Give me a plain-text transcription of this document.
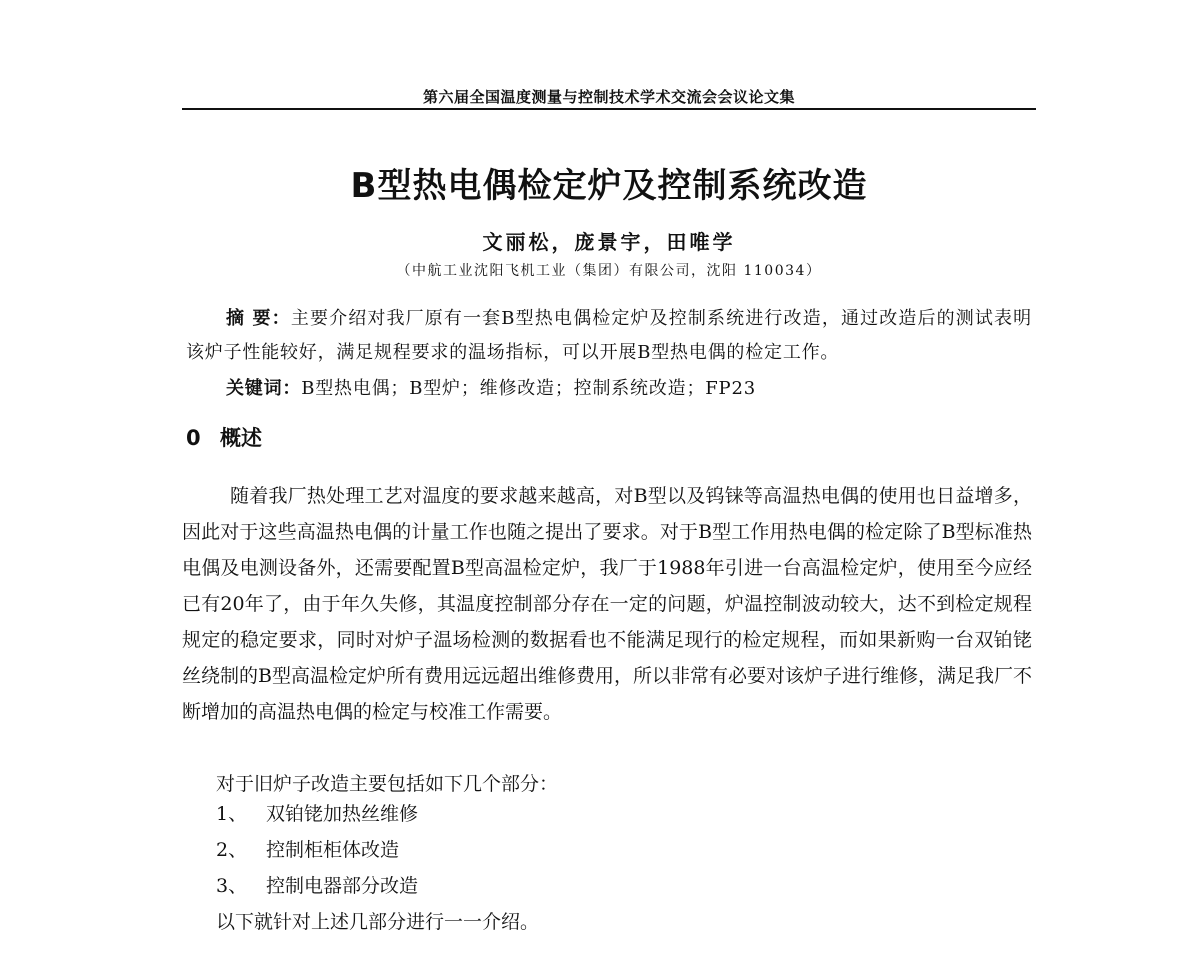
第六届全国温度测量与控制技术学术交流会会议论文集
B型热电偶检定炉及控制系统改造
文丽松，庞景宇，田唯学
（中航工业沈阳飞机工业（集团）有限公司，沈阳 110034）
摘 要：主要介绍对我厂原有一套B型热电偶检定炉及控制系统进行改造，通过改造后的测试表明该炉子性能较好，满足规程要求的温场指标，可以开展B型热电偶的检定工作。
关键词：B型热电偶；B型炉；维修改造；控制系统改造；FP23
0 概述

随着我厂热处理工艺对温度的要求越来越高，对B型以及钨铼等高温热电偶的使用也日益增多，因此对于这些高温热电偶的计量工作也随之提出了要求。对于B型工作用热电偶的检定除了B型标准热电偶及电测设备外，还需要配置B型高温检定炉，我厂于1988年引进一台高温检定炉，使用至今应经已有20年了，由于年久失修，其温度控制部分存在一定的问题，炉温控制波动较大，达不到检定规程规定的稳定要求，同时对炉子温场检测的数据看也不能满足现行的检定规程，而如果新购一台双铂铑丝绕制的B型高温检定炉所有费用远远超出维修费用，所以非常有必要对该炉子进行维修，满足我厂不断增加的高温热电偶的检定与校准工作需要。

对于旧炉子改造主要包括如下几个部分：
1、 双铂铑加热丝维修
2、 控制柜柜体改造
3、 控制电器部分改造
以下就针对上述几部分进行一一介绍。
